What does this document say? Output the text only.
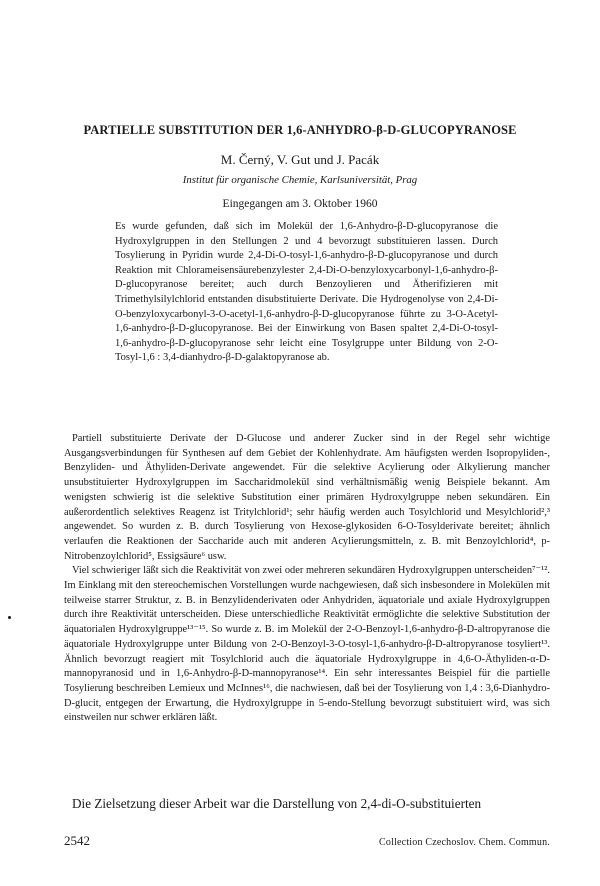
PARTIELLE SUBSTITUTION DER 1,6-ANHYDRO-β-D-GLUCOPYRANOSE
M. Černý, V. Gut und J. Pacák
Institut für organische Chemie, Karlsuniversität, Prag
Eingegangen am 3. Oktober 1960
Es wurde gefunden, daß sich im Molekül der 1,6-Anhydro-β-D-glucopyranose die Hydroxylgruppen in den Stellungen 2 und 4 bevorzugt substituieren lassen. Durch Tosylierung in Pyridin wurde 2,4-Di-O-tosyl-1,6-anhydro-β-D-glucopyranose und durch Reaktion mit Chlorameisensäurebenzylester 2,4-Di-O-benzyloxycarbonyl-1,6-anhydro-β-D-glucopyranose bereitet; auch durch Benzoylieren und Ätherifizieren mit Trimethylsilylchlorid entstanden disubstituierte Derivate. Die Hydrogenolyse von 2,4-Di-O-benzyloxycarbonyl-3-O-acetyl-1,6-anhydro-β-D-glucopyranose führte zu 3-O-Acetyl-1,6-anhydro-β-D-glucopyranose. Bei der Einwirkung von Basen spaltet 2,4-Di-O-tosyl-1,6-anhydro-β-D-glucopyranose sehr leicht eine Tosylgruppe unter Bildung von 2-O-Tosyl-1,6 : 3,4-dianhydro-β-D-galaktopyranose ab.

Partiell substituierte Derivate der D-Glucose und anderer Zucker sind in der Regel sehr wichtige Ausgangsverbindungen für Synthesen auf dem Gebiet der Kohlenhydrate. Am häufigsten werden Isopropyliden-, Benzyliden- und Äthyliden-Derivate angewendet. Für die selektive Acylierung oder Alkylierung mancher unsubstituierter Hydroxylgruppen im Saccharidmolekül sind verhältnismäßig wenig Beispiele bekannt. Am wenigsten schwierig ist die selektive Substitution einer primären Hydroxylgruppe neben sekundären. Ein außerordentlich selektives Reagenz ist Tritylchlorid¹; sehr häufig werden auch Tosylchlorid und Mesylchlorid²,³ angewendet. So wurden z. B. durch Tosylierung von Hexose-glykosiden 6-O-Tosylderivate bereitet; ähnlich verlaufen die Reaktionen der Saccharide auch mit anderen Acylierungsmitteln, z. B. mit Benzoylchlorid⁴, p-Nitrobenzoylchlorid⁵, Essigsäure⁶ usw.

Viel schwieriger läßt sich die Reaktivität von zwei oder mehreren sekundären Hydroxylgruppen unterscheiden⁷⁻¹². Im Einklang mit den stereochemischen Vorstellungen wurde nachgewiesen, daß sich insbesondere in Molekülen mit teilweise starrer Struktur, z. B. in Benzylidenderivaten oder Anhydriden, äquatoriale und axiale Hydroxylgruppen durch ihre Reaktivität unterscheiden. Diese unterschiedliche Reaktivität ermöglichte die selektive Substitution der äquatorialen Hydroxylgruppe¹³⁻¹⁵. So wurde z. B. im Molekül der 2-O-Benzoyl-1,6-anhydro-β-D-altropyranose die äquatoriale Hydroxylgruppe unter Bildung von 2-O-Benzoyl-3-O-tosyl-1,6-anhydro-β-D-altropyranose tosyliert¹³. Ähnlich bevorzugt reagiert mit Tosylchlorid auch die äquatoriale Hydroxylgruppe in 4,6-O-Äthyliden-α-D-mannopyranosid und in 1,6-Anhydro-β-D-mannopyranose¹⁴. Ein sehr interessantes Beispiel für die partielle Tosylierung beschreiben Lemieux und McInnes¹⁶, die nachwiesen, daß bei der Tosylierung von 1,4 : 3,6-Dianhydro-D-glucit, entgegen der Erwartung, die Hydroxylgruppe in 5-endo-Stellung bevorzugt substituiert wird, was sich einstweilen nur schwer erklären läßt.

Die Zielsetzung dieser Arbeit war die Darstellung von 2,4-di-O-substituierten
2542	Collection Czechoslov. Chem. Commun.
